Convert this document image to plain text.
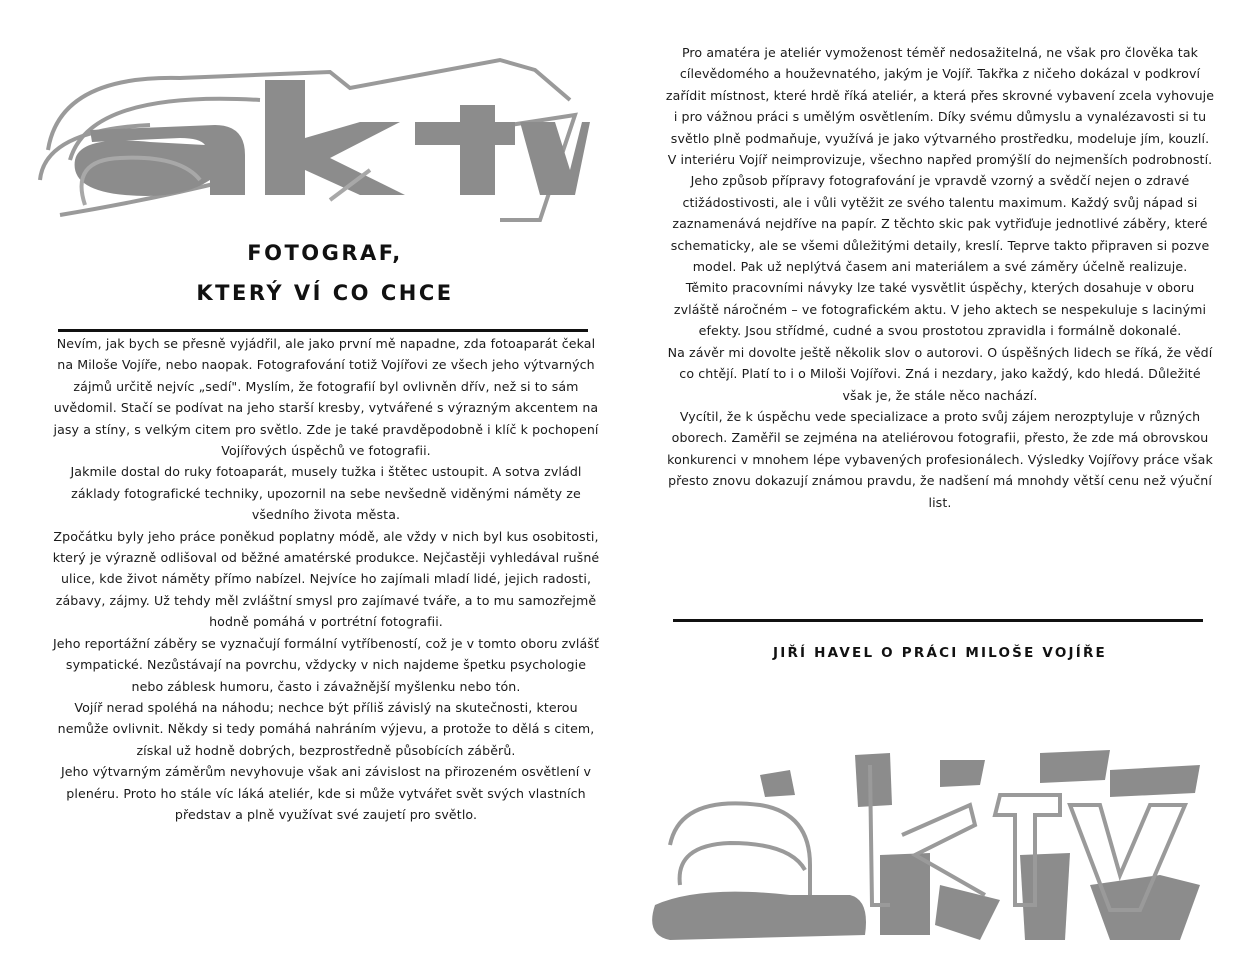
FOTOGRAF,
KTERÝ VÍ CO CHCE

Nevím, jak bych se přesně vyjádřil, ale jako první mě napadne, zda fotoaparát čekal na Miloše Vojíře, nebo naopak. Fotografování totiž Vojířovi ze všech jeho výtvarných zájmů určitě nejvíc „sedí". Myslím, že fotografií byl ovlivněn dřív, než si to sám uvědomil. Stačí se podívat na jeho starší kresby, vytvářené s výrazným akcentem na jasy a stíny, s velkým citem pro světlo. Zde je také pravděpodobně i klíč k pochopení Vojířových úspěchů ve fotografii.

Jakmile dostal do ruky fotoaparát, musely tužka i štětec ustoupit. A sotva zvládl základy fotografické techniky, upozornil na sebe nevšedně viděnými náměty ze všedního života města.

Zpočátku byly jeho práce poněkud poplatny módě, ale vždy v nich byl kus osobitosti, který je výrazně odlišoval od běžné amatérské produkce. Nejčastěji vyhledával rušné ulice, kde život náměty přímo nabízel. Nejvíce ho zajímali mladí lidé, jejich radosti, zábavy, zájmy. Už tehdy měl zvláštní smysl pro zajímavé tváře, a to mu samozřejmě hodně pomáhá v portrétní fotografii.

Jeho reportážní záběry se vyznačují formální vytříbeností, což je v tomto oboru zvlášť sympatické. Nezůstávají na povrchu, vždycky v nich najdeme špetku psychologie nebo záblesk humoru, často i závažnější myšlenku nebo tón.

Vojíř nerad spoléhá na náhodu; nechce být příliš závislý na skutečnosti, kterou nemůže ovlivnit. Někdy si tedy pomáhá nahráním výjevu, a protože to dělá s citem, získal už hodně dobrých, bezprostředně působících záběrů.

Jeho výtvarným záměrům nevyhovuje však ani závislost na přirozeném osvětlení v plenéru. Proto ho stále víc láká ateliér, kde si může vytvářet svět svých vlastních představ a plně využívat své zaujetí pro světlo.

Pro amatéra je ateliér vymoženost téměř nedosažitelná, ne však pro člověka tak cílevědomého a houževnatého, jakým je Vojíř. Takřka z ničeho dokázal v podkroví zařídit místnost, které hrdě říká ateliér, a která přes skrovné vybavení zcela vyhovuje i pro vážnou práci s umělým osvětlením. Díky svému důmyslu a vynalézavosti si tu světlo plně podmaňuje, využívá je jako výtvarného prostředku, modeluje jím, kouzlí.

V interiéru Vojíř neimprovizuje, všechno napřed promýšlí do nejmenších podrobností. Jeho způsob přípravy fotografování je vpravdě vzorný a svědčí nejen o zdravé ctižádostivosti, ale i vůli vytěžit ze svého talentu maximum. Každý svůj nápad si zaznamenává nejdříve na papír. Z těchto skic pak vytřiďuje jednotlivé záběry, které schematicky, ale se všemi důležitými detaily, kreslí. Teprve takto připraven si pozve model. Pak už neplýtvá časem ani materiálem a své záměry účelně realizuje.

Těmito pracovními návyky lze také vysvětlit úspěchy, kterých dosahuje v oboru zvláště náročném – ve fotografickém aktu. V jeho aktech se nespekuluje s lacinými efekty. Jsou střídmé, cudné a svou prostotou zpravidla i formálně dokonalé.

Na závěr mi dovolte ještě několik slov o autorovi. O úspěšných lidech se říká, že vědí co chtějí. Platí to i o Miloši Vojířovi. Zná i nezdary, jako každý, kdo hledá. Důležité však je, že stále něco nachází.

Vycítil, že k úspěchu vede specializace a proto svůj zájem nerozptyluje v různých oborech. Zaměřil se zejména na ateliérovou fotografii, přesto, že zde má obrovskou konkurenci v mnohem lépe vybavených profesionálech. Výsledky Vojířovy práce však přesto znovu dokazují známou pravdu, že nadšení má mnohdy větší cenu než výuční list.

JIŘÍ HAVEL O PRÁCI MILOŠE VOJÍŘE
